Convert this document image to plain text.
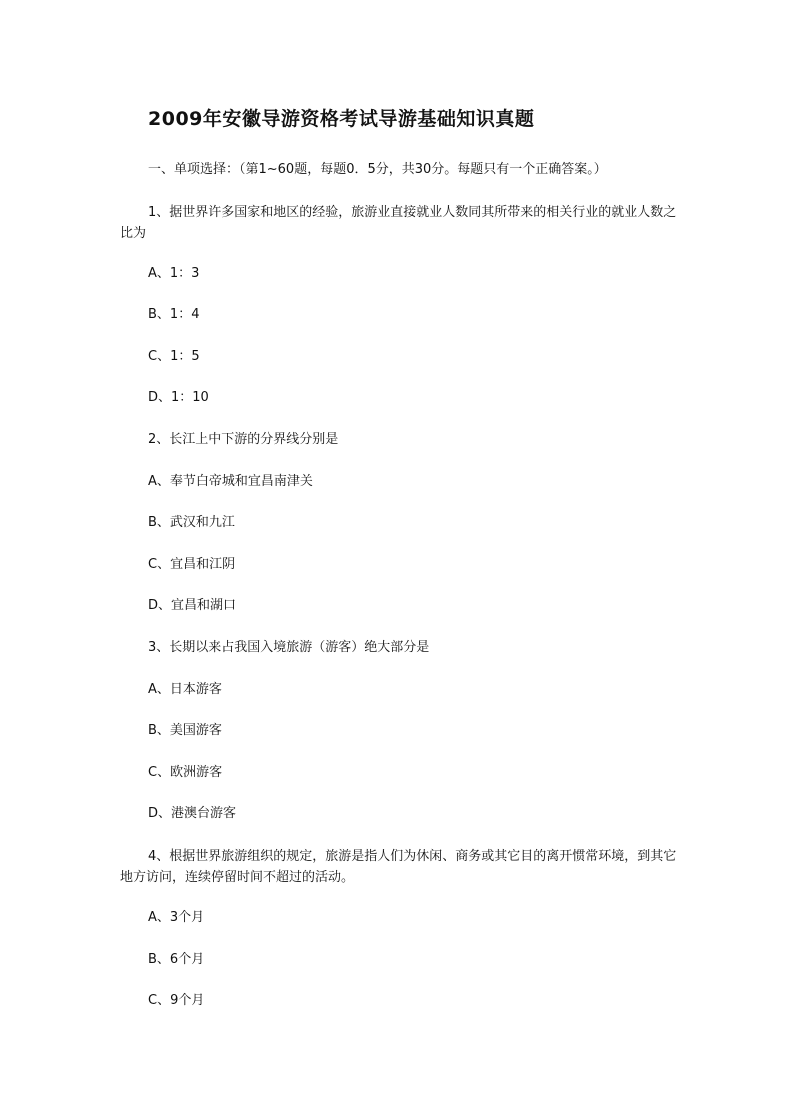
2009年安徽导游资格考试导游基础知识真题
一、单项选择：（第1~60题，每题0．5分，共30分。每题只有一个正确答案。）

1、据世界许多国家和地区的经验，旅游业直接就业人数同其所带来的相关行业的就业人数之比为

A、1：3
B、1：4
C、1：5
D、1：10
2、长江上中下游的分界线分别是
A、奉节白帝城和宜昌南津关
B、武汉和九江
C、宜昌和江阴
D、宜昌和湖口
3、长期以来占我国入境旅游（游客）绝大部分是
A、日本游客
B、美国游客
C、欧洲游客
D、港澳台游客

4、根据世界旅游组织的规定，旅游是指人们为休闲、商务或其它目的离开惯常环境，到其它地方访问，连续停留时间不超过的活动。

A、3个月
B、6个月
C、9个月
